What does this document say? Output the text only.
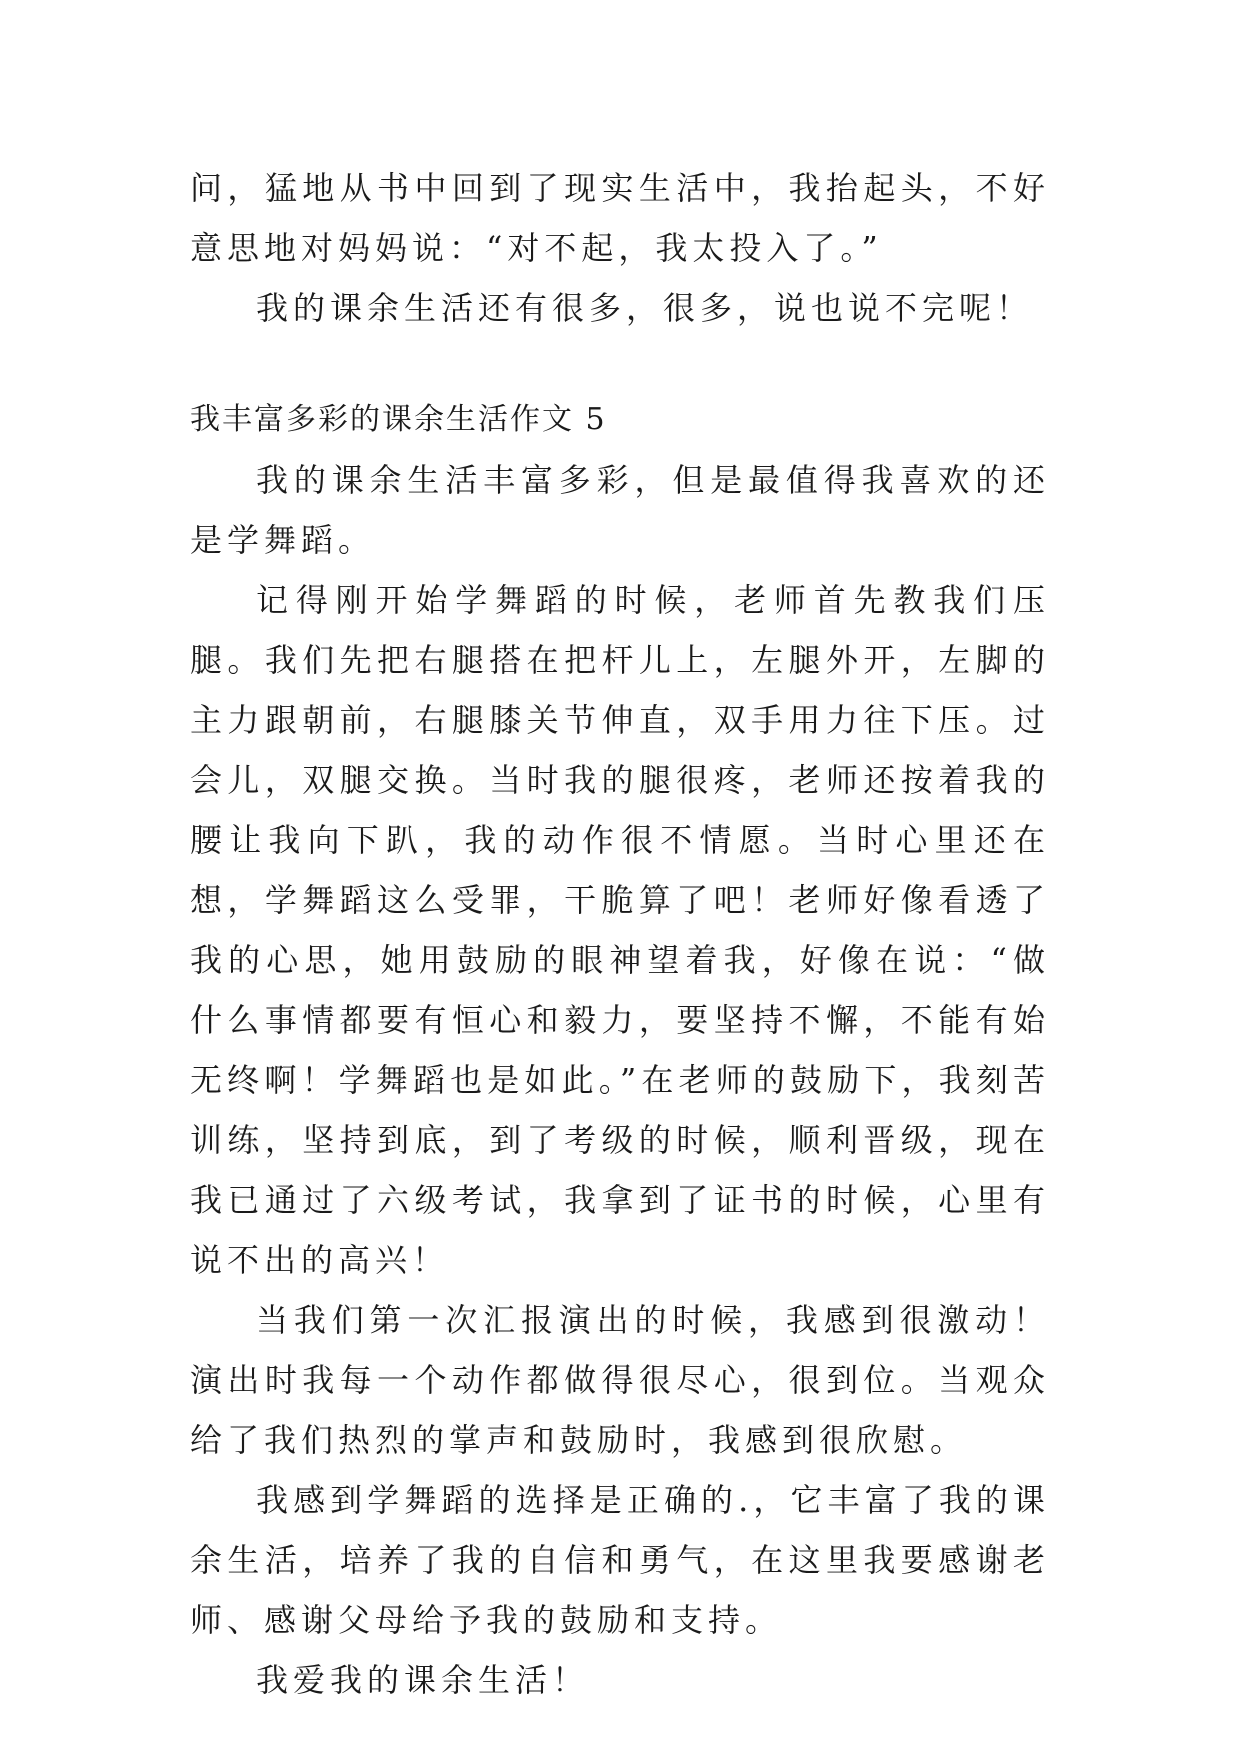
问，猛地从书中回到了现实生活中，我抬起头，不好意思地对妈妈说：“对不起，我太投入了。”

我的课余生活还有很多，很多，说也说不完呢！

我丰富多彩的课余生活作文 5

我的课余生活丰富多彩，但是最值得我喜欢的还是学舞蹈。

记得刚开始学舞蹈的时候，老师首先教我们压腿。我们先把右腿搭在把杆儿上，左腿外开，左脚的主力跟朝前，右腿膝关节伸直，双手用力往下压。过会儿，双腿交换。当时我的腿很疼，老师还按着我的腰让我向下趴，我的动作很不情愿。当时心里还在想，学舞蹈这么受罪，干脆算了吧！老师好像看透了我的心思，她用鼓励的眼神望着我，好像在说：“做什么事情都要有恒心和毅力，要坚持不懈，不能有始无终啊！学舞蹈也是如此。”在老师的鼓励下，我刻苦训练，坚持到底，到了考级的时候，顺利晋级，现在我已通过了六级考试，我拿到了证书的时候，心里有说不出的高兴！

当我们第一次汇报演出的时候，我感到很激动！演出时我每一个动作都做得很尽心，很到位。当观众给了我们热烈的掌声和鼓励时，我感到很欣慰。

我感到学舞蹈的选择是正确的.，它丰富了我的课余生活，培养了我的自信和勇气，在这里我要感谢老师、感谢父母给予我的鼓励和支持。

我爱我的课余生活！
